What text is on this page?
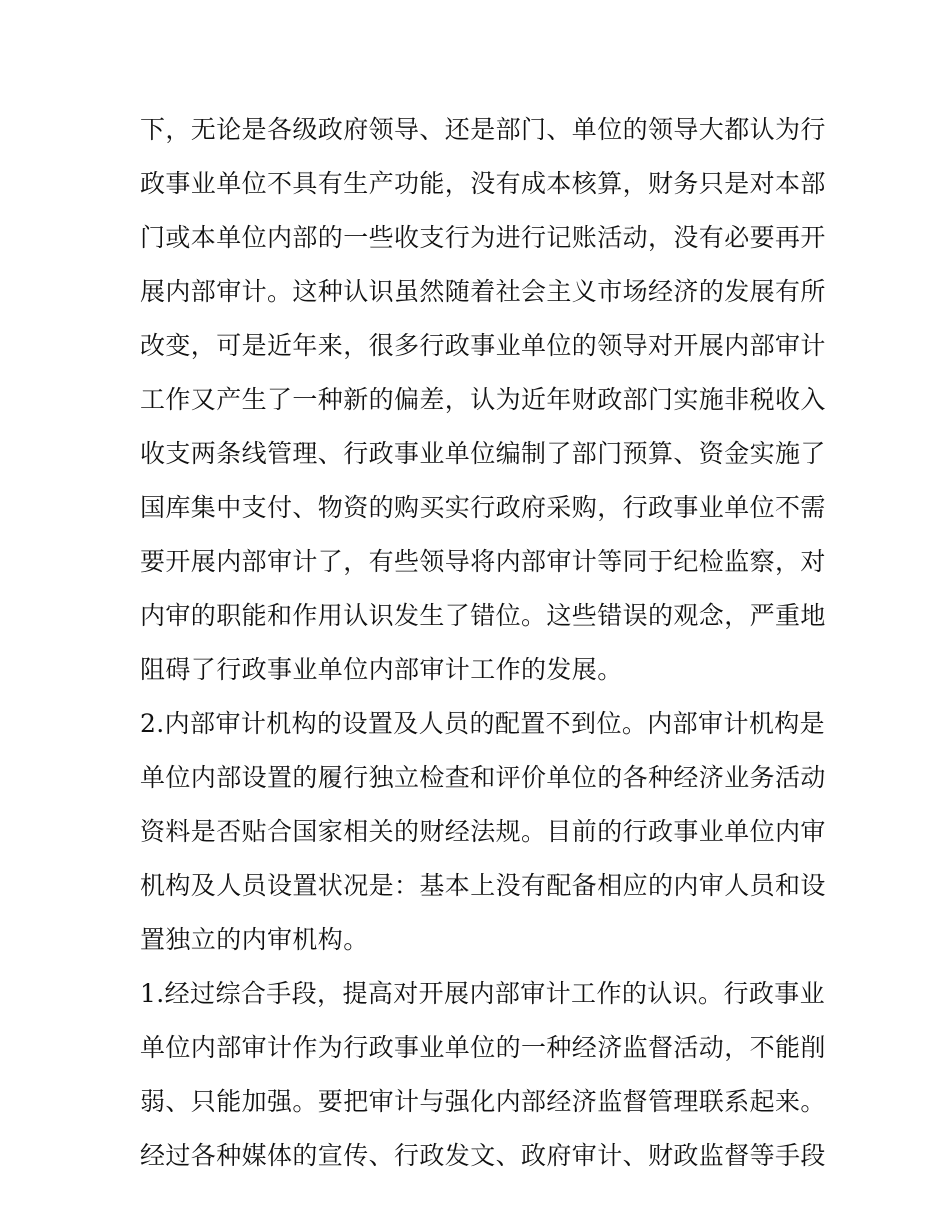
下，无论是各级政府领导、还是部门、单位的领导大都认为行
政事业单位不具有生产功能，没有成本核算，财务只是对本部
门或本单位内部的一些收支行为进行记账活动，没有必要再开
展内部审计。这种认识虽然随着社会主义市场经济的发展有所
改变，可是近年来，很多行政事业单位的领导对开展内部审计
工作又产生了一种新的偏差，认为近年财政部门实施非税收入
收支两条线管理、行政事业单位编制了部门预算、资金实施了
国库集中支付、物资的购买实行政府采购，行政事业单位不需
要开展内部审计了，有些领导将内部审计等同于纪检监察，对
内审的职能和作用认识发生了错位。这些错误的观念，严重地
阻碍了行政事业单位内部审计工作的发展。
2.内部审计机构的设置及人员的配置不到位。内部审计机构是
单位内部设置的履行独立检查和评价单位的各种经济业务活动
资料是否贴合国家相关的财经法规。目前的行政事业单位内审
机构及人员设置状况是：基本上没有配备相应的内审人员和设
置独立的内审机构。
1.经过综合手段，提高对开展内部审计工作的认识。行政事业
单位内部审计作为行政事业单位的一种经济监督活动，不能削
弱、只能加强。要把审计与强化内部经济监督管理联系起来。
经过各种媒体的宣传、行政发文、政府审计、财政监督等手段
